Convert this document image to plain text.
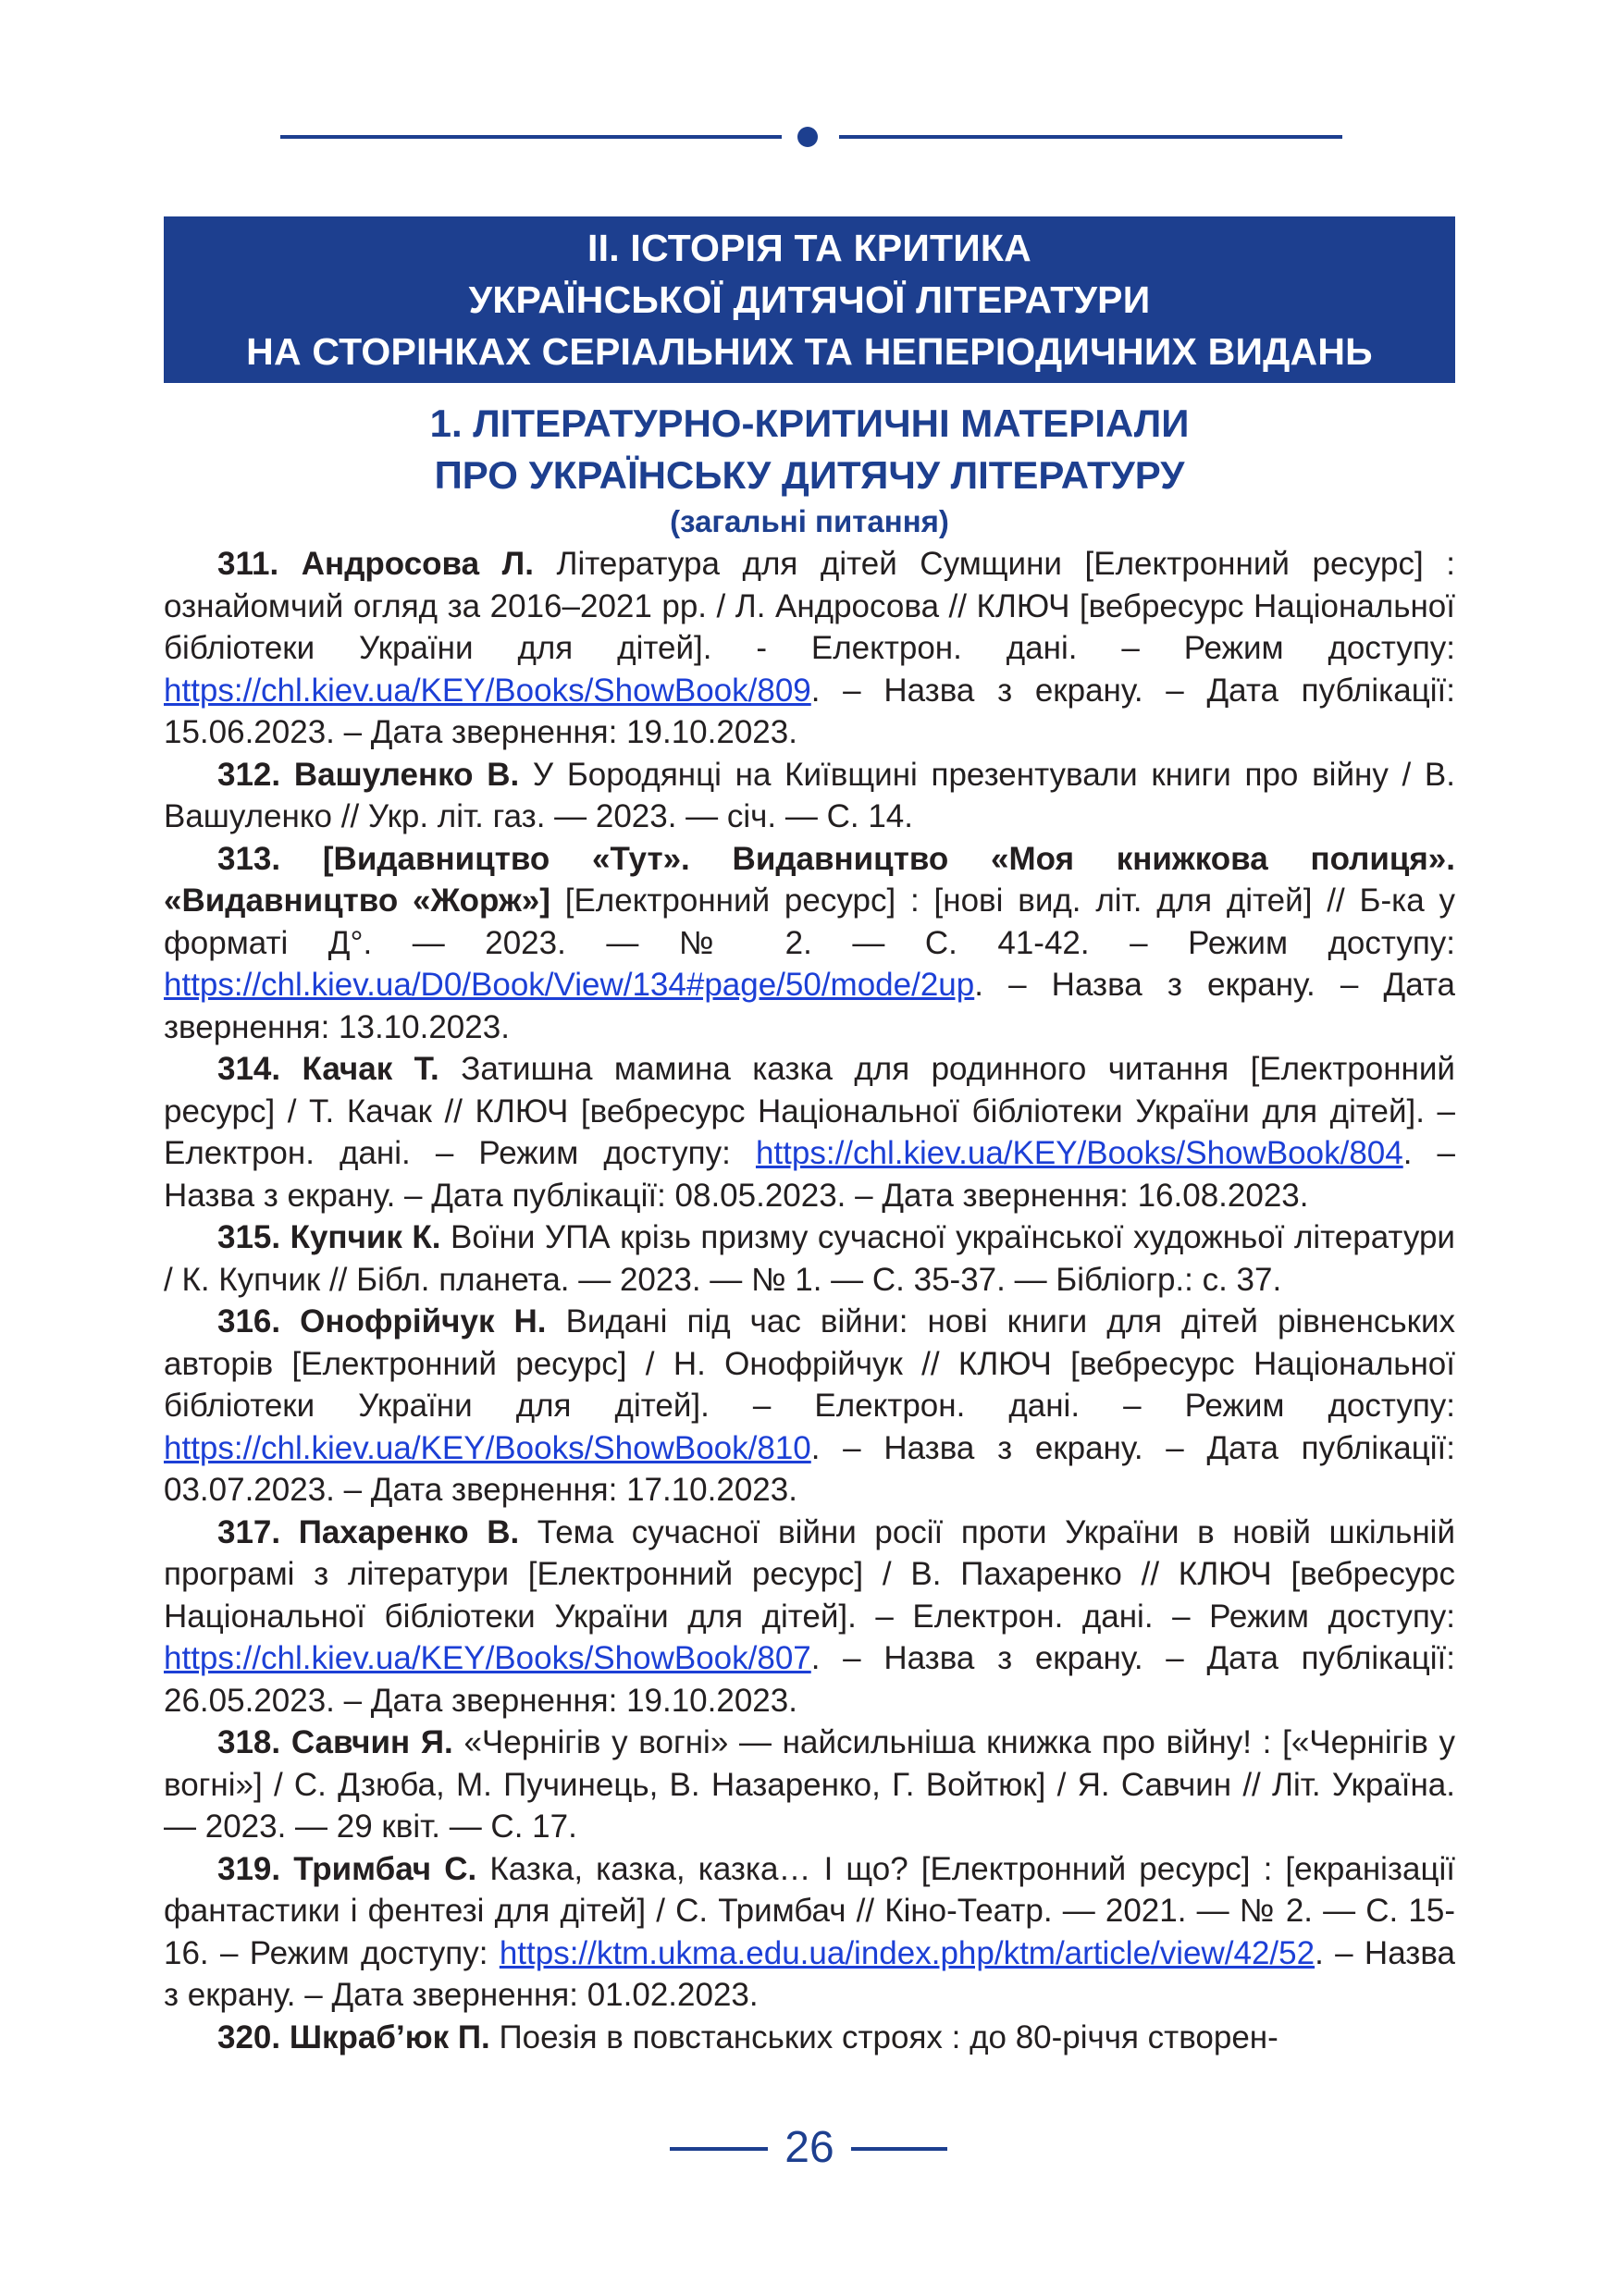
II. ІСТОРІЯ ТА КРИТИКА
УКРАЇНСЬКОЇ ДИТЯЧОЇ ЛІТЕРАТУРИ
НА СТОРІНКАХ СЕРІАЛЬНИХ ТА НЕПЕРІОДИЧНИХ ВИДАНЬ
1. ЛІТЕРАТУРНО-КРИТИЧНІ МАТЕРІАЛИ
ПРО УКРАЇНСЬКУ ДИТЯЧУ ЛІТЕРАТУРУ
(загальні питання)

311. Андросова Л. Література для дітей Сумщини [Електронний ресурс] : ознайомчий огляд за 2016–2021 рр. / Л. Андросова // КЛЮЧ [вебресурс Національної бібліотеки України для дітей]. - Електрон. дані. – Режим доступу: https://chl.kiev.ua/KEY/Books/ShowBook/809. – Назва з екрану. – Дата публікації: 15.06.2023. – Дата звернення: 19.10.2023.

312. Вашуленко В. У Бородянці на Київщині презентували книги про війну / В. Вашуленко // Укр. літ. газ. — 2023. — січ. — С. 14.

313. [Видавництво «Тут». Видавництво «Моя книжкова полиця». «Видавництво «Жорж»] [Електронний ресурс] : [нові вид. літ. для дітей] // Б-ка у форматі Д°. — 2023. — № 2. — С. 41-42. – Режим доступу: https://chl.kiev.ua/D0/Book/View/134#page/50/mode/2up. – Назва з екрану. – Дата звернення: 13.10.2023.

314. Качак Т. Затишна мамина казка для родинного читання [Електронний ресурс] / Т. Качак // КЛЮЧ [вебресурс Національної бібліотеки України для дітей]. – Електрон. дані. – Режим доступу: https://chl.kiev.ua/KEY/Books/ShowBook/804. – Назва з екрану. – Дата публікації: 08.05.2023. – Дата звернення: 16.08.2023.

315. Купчик К. Воїни УПА крізь призму сучасної української художньої літератури / К. Купчик // Бібл. планета. — 2023. — № 1. — С. 35-37. — Бібліогр.: с. 37.

316. Онофрійчук Н. Видані під час війни: нові книги для дітей рівненських авторів [Електронний ресурс] / Н. Онофрійчук // КЛЮЧ [вебресурс Національної бібліотеки України для дітей]. – Електрон. дані. – Режим доступу: https://chl.kiev.ua/KEY/Books/ShowBook/810. – Назва з екрану. – Дата публікації: 03.07.2023. – Дата звернення: 17.10.2023.

317. Пахаренко В. Тема сучасної війни росії проти України в новій шкільній програмі з літератури [Електронний ресурс] / В. Пахаренко // КЛЮЧ [вебресурс Національної бібліотеки України для дітей]. – Електрон. дані. – Режим доступу: https://chl.kiev.ua/KEY/Books/ShowBook/807. – Назва з екрану. – Дата публікації: 26.05.2023. – Дата звернення: 19.10.2023.

318. Савчин Я. «Чернігів у вогні» — найсильніша книжка про війну! : [«Чернігів у вогні»] / С. Дзюба, М. Пучинець, В. Назаренко, Г. Войтюк] / Я. Савчин // Літ. Україна. — 2023. — 29 квіт. — С. 17.

319. Тримбач С. Казка, казка, казка… І що? [Електронний ресурс] : [екранізації фантастики і фентезі для дітей] / С. Тримбач // Кіно-Театр. — 2021. — № 2. — С. 15-16. – Режим доступу: https://ktm.ukma.edu.ua/index.php/ktm/article/view/42/52. – Назва з екрану. – Дата звернення: 01.02.2023.

320. Шкраб’юк П. Поезія в повстанських строях : до 80-річчя створен-

26
